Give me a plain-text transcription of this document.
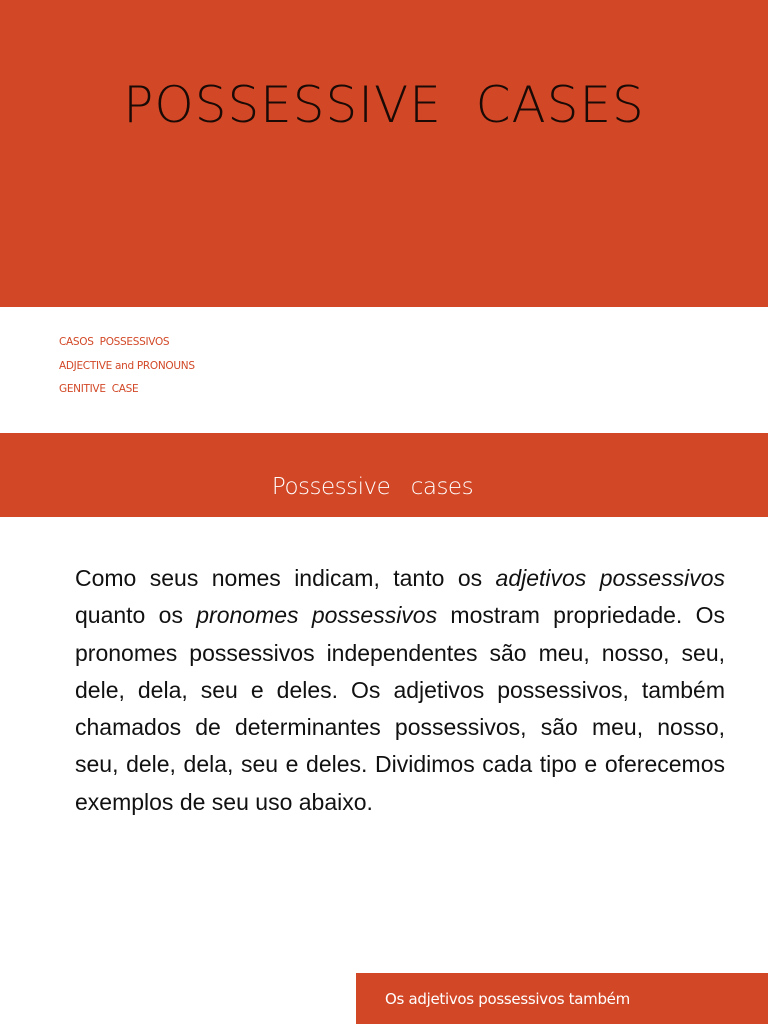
POSSESSIVE  CASES
CASOS  POSSESSIVOS
ADJECTIVE and PRONOUNS
GENITIVE  CASE
Possessive   cases

Como seus nomes indicam, tanto os adjetivos possessivos quanto os pronomes possessivos mostram propriedade. Os pronomes possessivos independentes são meu, nosso, seu, dele, dela, seu e deles. Os adjetivos possessivos, também chamados de determinantes possessivos, são meu, nosso, seu, dele, dela, seu e deles. Dividimos cada tipo e oferecemos exemplos de seu uso abaixo.

Os adjetivos possessivos também
